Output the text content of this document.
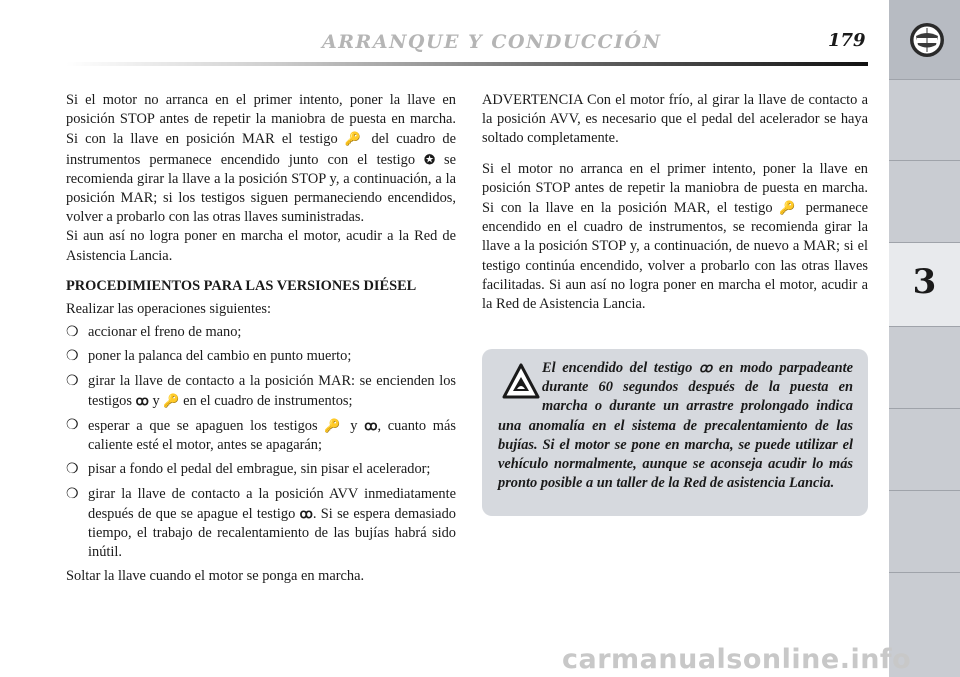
3
ARRANQUE Y CONDUCCIÓN	179

Si el motor no arranca en el primer intento, poner la llave en posición STOP antes de repetir la maniobra de puesta en marcha. Si con la llave en posición MAR el testigo 🔑 del cuadro de instrumentos permanece encendido junto con el testigo ✪ se recomienda girar la llave a la posición STOP y, a continuación, a la posición MAR; si los testigos siguen permaneciendo encendidos, volver a probarlo con las otras llaves suministradas.

Si aun así no logra poner en marcha el motor, acudir a la Red de Asistencia Lancia.

PROCEDIMIENTOS PARA LAS VERSIONES DIÉSEL

Realizar las operaciones siguientes:

❍ accionar el freno de mano;
❍ poner la palanca del cambio en punto muerto;
❍ girar la llave de contacto a la posición MAR: se encienden los testigos ꝏ y 🔑 en el cuadro de instrumentos;
❍ esperar a que se apaguen los testigos 🔑 y ꝏ, cuanto más caliente esté el motor, antes se apagarán;
❍ pisar a fondo el pedal del embrague, sin pisar el acelerador;
❍ girar la llave de contacto a la posición AVV inmediatamente después de que se apague el testigo ꝏ. Si se espera demasiado tiempo, el trabajo de recalentamiento de las bujías habrá sido inútil.

Soltar la llave cuando el motor se ponga en marcha.

ADVERTENCIA Con el motor frío, al girar la llave de contacto a la posición AVV, es necesario que el pedal del acelerador se haya soltado completamente.

Si el motor no arranca en el primer intento, poner la llave en posición STOP antes de repetir la maniobra de puesta en marcha. Si con la llave en la posición MAR, el testigo 🔑 permanece encendido en el cuadro de instrumentos, se recomienda girar la llave a la posición STOP y, a continuación, de nuevo a MAR; si el testigo continúa encendido, volver a probarlo con las otras llaves facilitadas. Si aun así no logra poner en marcha el motor, acudir a la Red de Asistencia Lancia.

El encendido del testigo ꝏ en modo parpadeante durante 60 segundos después de la puesta en marcha o durante un arrastre prolongado indica una anomalía en el sistema de precalentamiento de las bujías. Si el motor se pone en marcha, se puede utilizar el vehículo normalmente, aunque se aconseja acudir lo más pronto posible a un taller de la Red de asistencia Lancia.
carmanualsonline.info
